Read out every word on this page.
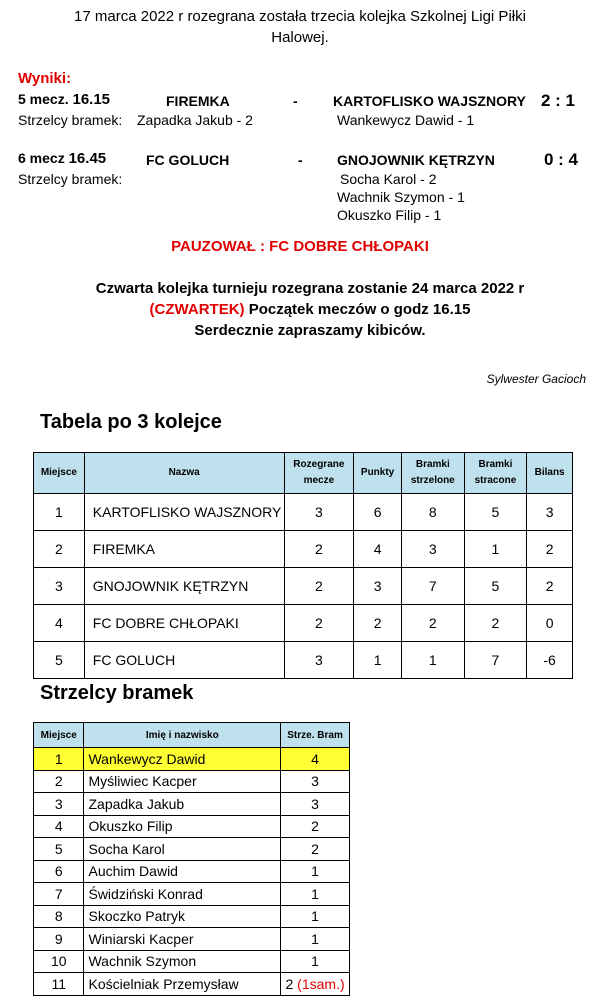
17 marca 2022 r rozegrana została trzecia kolejka Szkolnej Ligi Piłki
Halowej.
Wyniki:
5 mecz. 16.15	FIREMKA	-	KARTOFLISKO WAJSZNORY 2 : 1
Strzelcy bramek: Zapadka Jakub - 2	Wankewycz Dawid - 1
6 mecz 16.45	FC GOLUCH	- GNOJOWNIK KĘTRZYN	0 : 4
Strzelcy bramek:	Socha Karol - 2
Wachnik Szymon - 1
Okuszko Filip - 1
PAUZOWAŁ : FC DOBRE CHŁOPAKI
Czwarta kolejka turnieju rozegrana zostanie 24 marca 2022 r
(CZWARTEK) Początek meczów o godz 16.15
Serdecznie zapraszamy kibiców.
Sylwester Gacioch
Tabela po 3 kolejce
Miejsce	Nazwa	Rozegrane mecze	Punkty	Bramki strzelone	Bramki stracone	Bilans
1	KARTOFLISKO WAJSZNORY	3	6	8	5	3
2	FIREMKA	2	4	3	1	2
3	GNOJOWNIK KĘTRZYN	2	3	7	5	2
4	FC DOBRE CHŁOPAKI	2	2	2	2	0
5	FC GOLUCH	3	1	1	7	-6
Strzelcy bramek
Miejsce	Imię i nazwisko	Strze. Bram
1	Wankewycz Dawid	4
2	Myśliwiec Kacper	3
3	Zapadka Jakub	3
4	Okuszko Filip	2
5	Socha Karol	2
6	Auchim Dawid	1
7	Świdziński Konrad	1
8	Skoczko Patryk	1
9	Winiarski Kacper	1
10	Wachnik Szymon	1
11	Kościelniak Przemysław	2 (1sam.)
